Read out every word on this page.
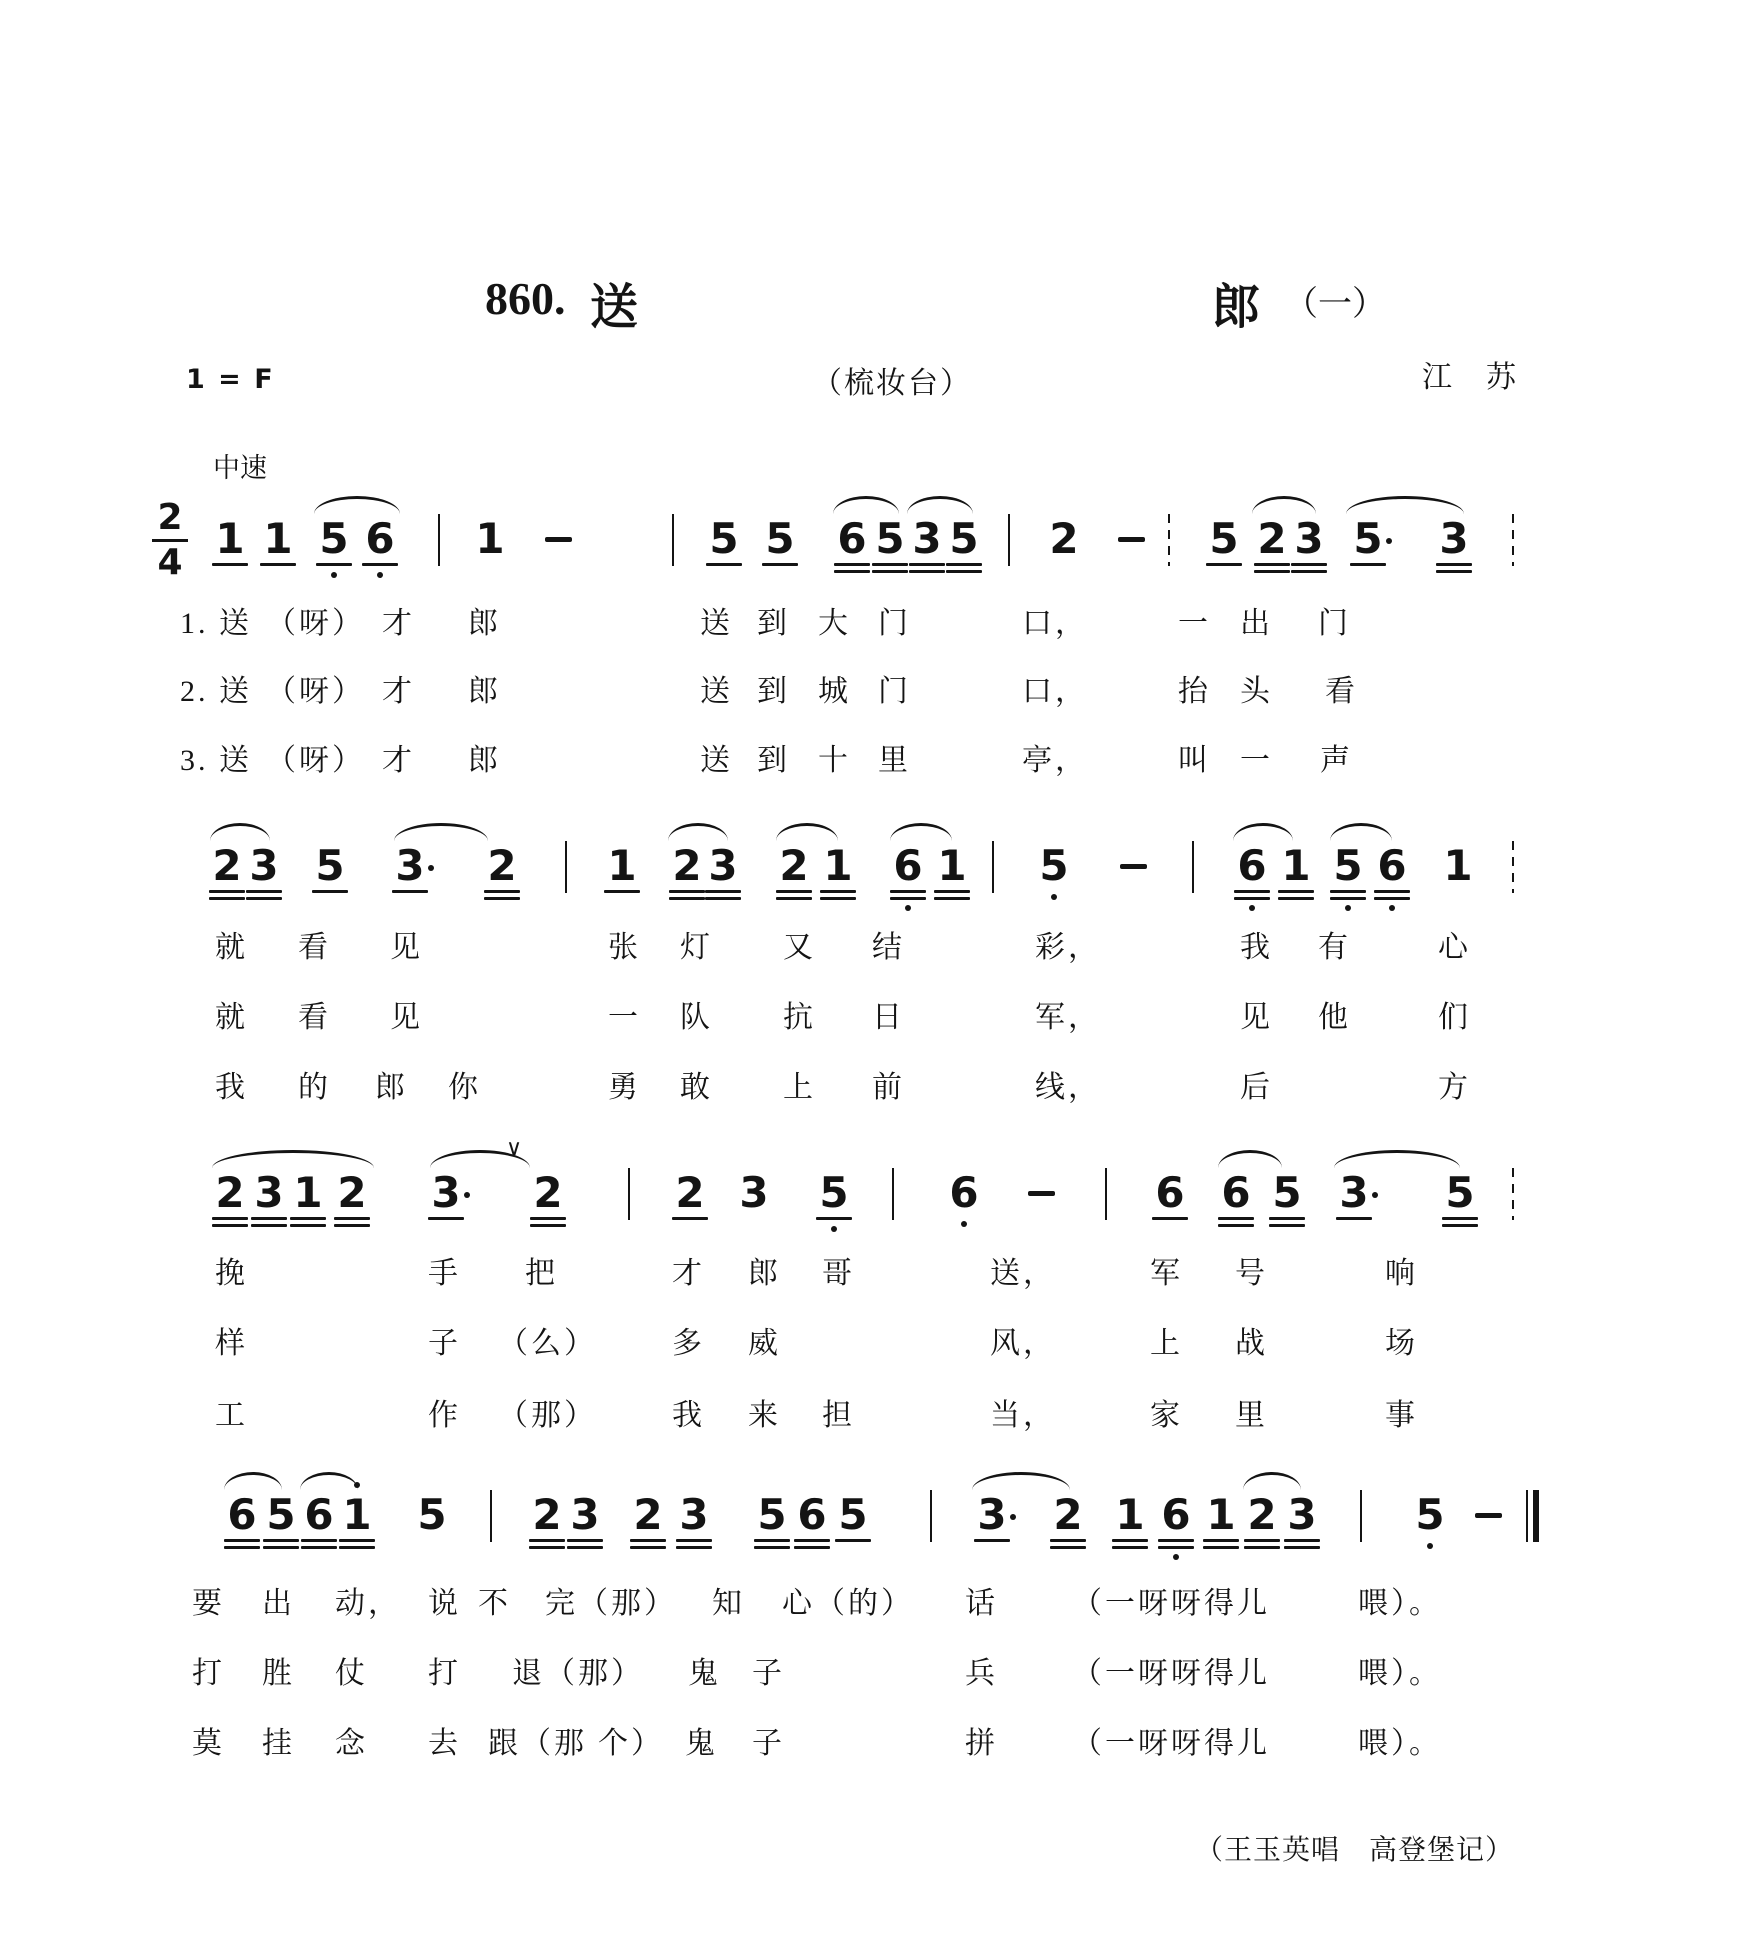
860. 送	郎 （一）
1 = F	（梳妆台）	江　苏
中速
2
4 1 1 5 6 1	5 5 6 5 3 5 2	5 2 3 5 3
2 3 5 3 2 1 2 3 2 1 6 1 5	6 1 5 6 1
2 3 1 2 3 2	2 3 5 6	6 6 5 3 5
∨
6 5 6 1 5 2 3 2 3 5 6 5	3 2 1 6 1 2 3 5
1. 送 （呀） 才 郎	送 到 大 门	口，	一 出 门
2. 送 （呀） 才 郎	送 到 城 门	口，	抬 头 看
3. 送 （呀） 才 郎	送 到 十 里	亭，	叫 一 声
就 看 见	张 灯 又 结	彩，	我 有	心
就 看 见	一 队 抗 日	军，	见 他	们
我 的 郎 你	勇 敢 上 前	线，	后	方
挽	手 把	才 郎 哥	送，	军 号	响
样	子 （么）	多 威	风，	上 战	场
工	作 （那）	我 来 担	当，	家 里	事
要 出 动， 说 不 完（那） 知 心（的） 话 （一呀呀得儿	喂）。
打 胜 仗 打 退（那） 鬼 子	兵 （一呀呀得儿	喂）。
莫 挂 念 去 跟（那 个） 鬼 子	拼 （一呀呀得儿	喂）。
（王玉英唱　高登堡记）
